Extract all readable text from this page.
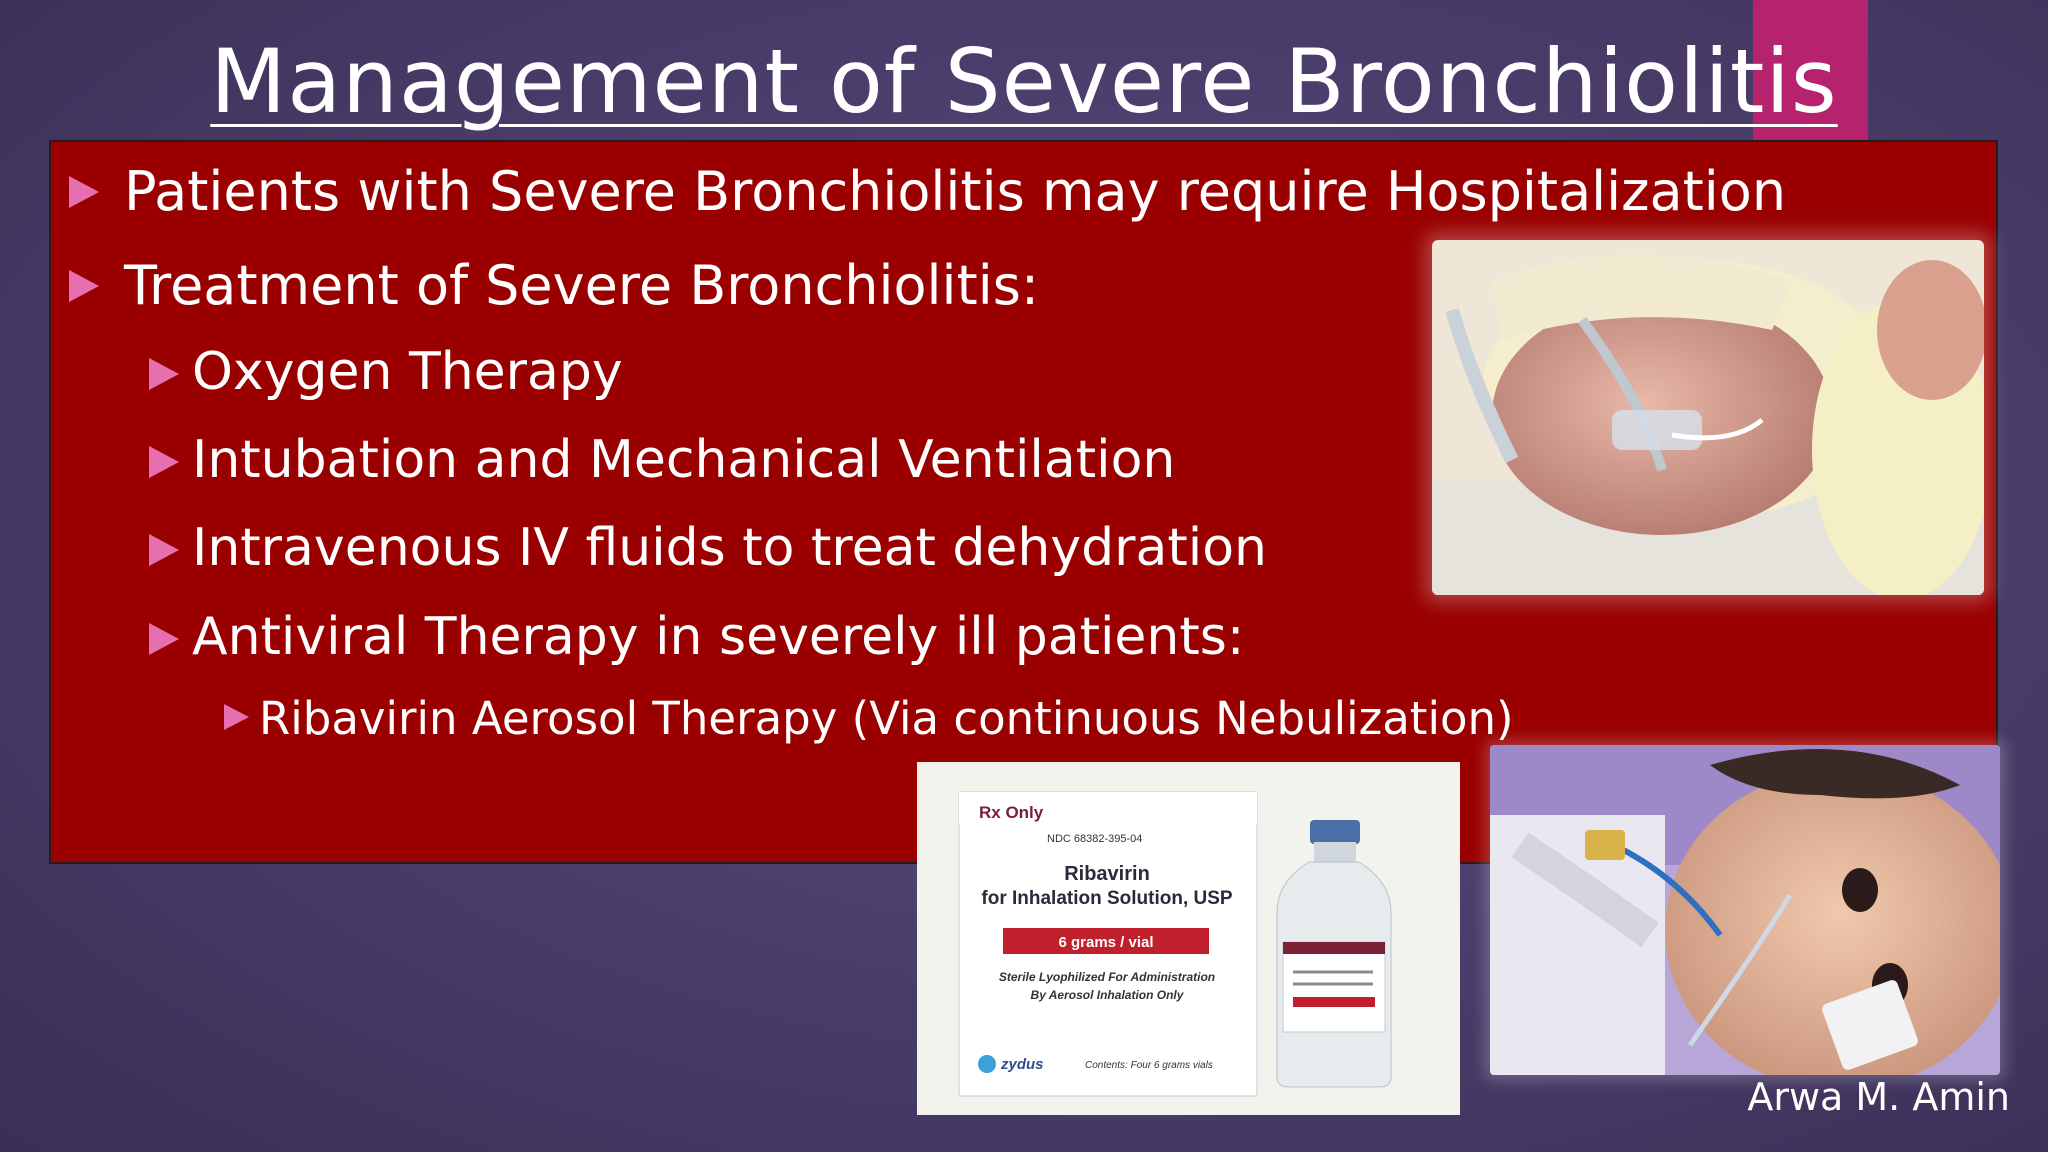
Management of Severe Bronchiolitis
Patients with Severe Bronchiolitis may require Hospitalization
Treatment of Severe Bronchiolitis:
Oxygen Therapy
Intubation and Mechanical Ventilation
Intravenous IV fluids to treat dehydration
Antiviral Therapy in severely ill patients:
Ribavirin Aerosol Therapy (Via continuous Nebulization)
Rx Only
NDC 68382-395-04
Ribavirin
for Inhalation Solution, USP
6 grams / vial
Sterile Lyophilized For Administration
By Aerosol Inhalation Only
zydus	Contents: Four 6 grams vials
Arwa M. Amin
